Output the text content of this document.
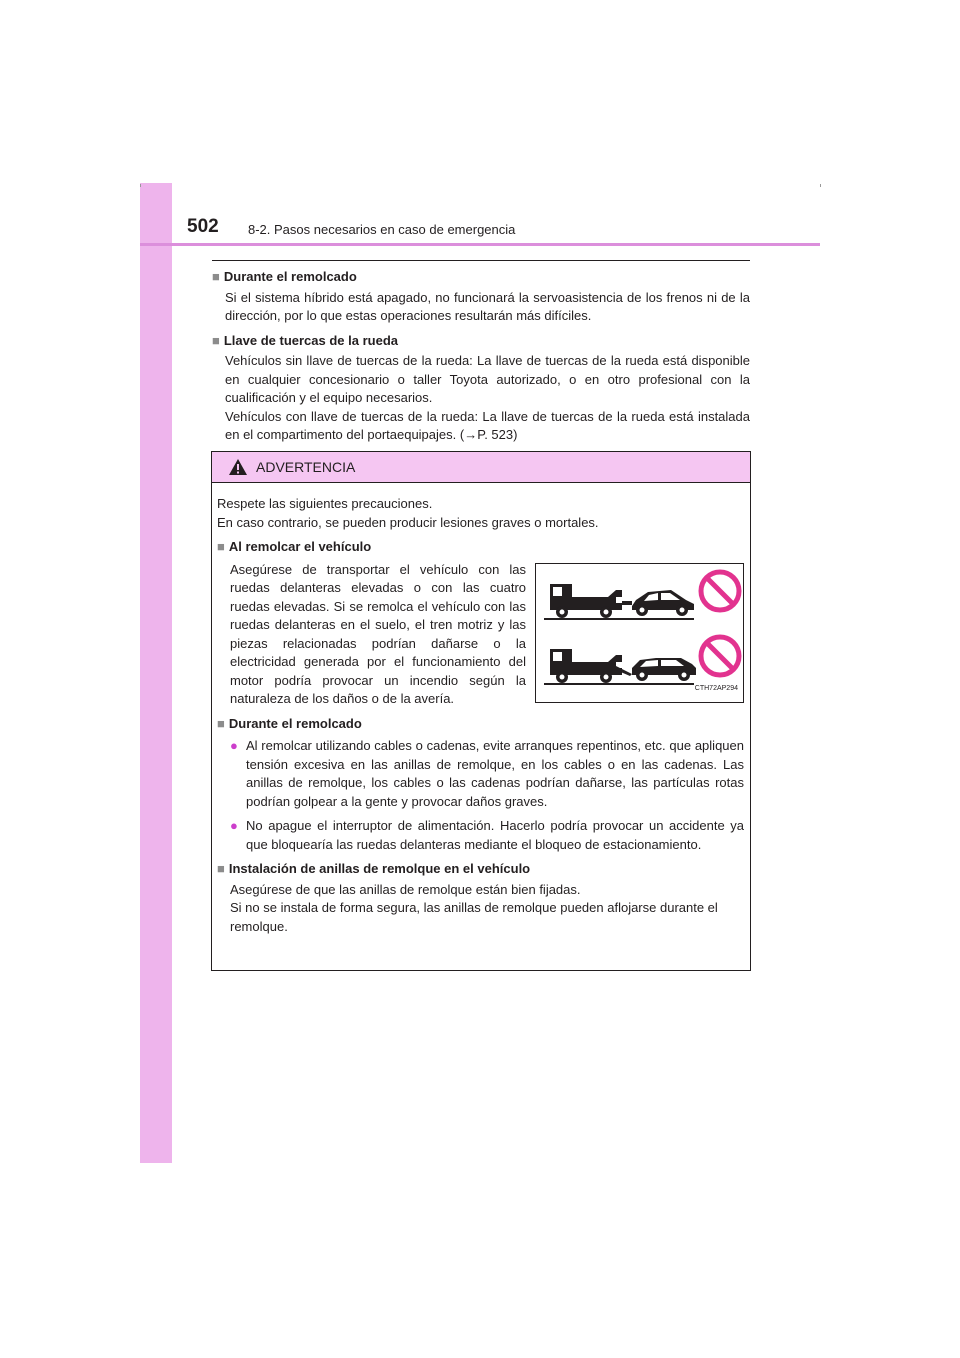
502 8-2. Pasos necesarios en caso de emergencia
■ Durante el remolcado
Si el sistema híbrido está apagado, no funcionará la servoasistencia de los frenos ni de la dirección, por lo que estas operaciones resultarán más difíciles.
■ Llave de tuercas de la rueda
Vehículos sin llave de tuercas de la rueda: La llave de tuercas de la rueda está disponible en cualquier concesionario o taller Toyota autorizado, o en otro profesional con la cualificación y el equipo necesarios.
Vehículos con llave de tuercas de la rueda: La llave de tuercas de la rueda está instalada en el compartimento del portaequipajes. (→P. 523)
ADVERTENCIA
Respete las siguientes precauciones.
En caso contrario, se pueden producir lesiones graves o mortales.
■ Al remolcar el vehículo
Asegúrese de transportar el vehículo con las ruedas delanteras elevadas o con las cuatro ruedas elevadas. Si se remolca el vehículo con las ruedas delanteras en el suelo, el tren motriz y las piezas relacionadas podrían dañarse o la electricidad generada por el funcionamiento del motor podría provocar un incendio según la naturaleza de los daños o de la avería.
CTH72AP294
■ Durante el remolcado
● Al remolcar utilizando cables o cadenas, evite arranques repentinos, etc. que apliquen tensión excesiva en las anillas de remolque, en los cables o en las cadenas. Las anillas de remolque, los cables o las cadenas podrían dañarse, las partículas rotas podrían golpear a la gente y provocar daños graves.
● No apague el interruptor de alimentación. Hacerlo podría provocar un accidente ya que bloquearía las ruedas delanteras mediante el bloqueo de estacionamiento.
■ Instalación de anillas de remolque en el vehículo
Asegúrese de que las anillas de remolque están bien fijadas.
Si no se instala de forma segura, las anillas de remolque pueden aflojarse durante el remolque.
